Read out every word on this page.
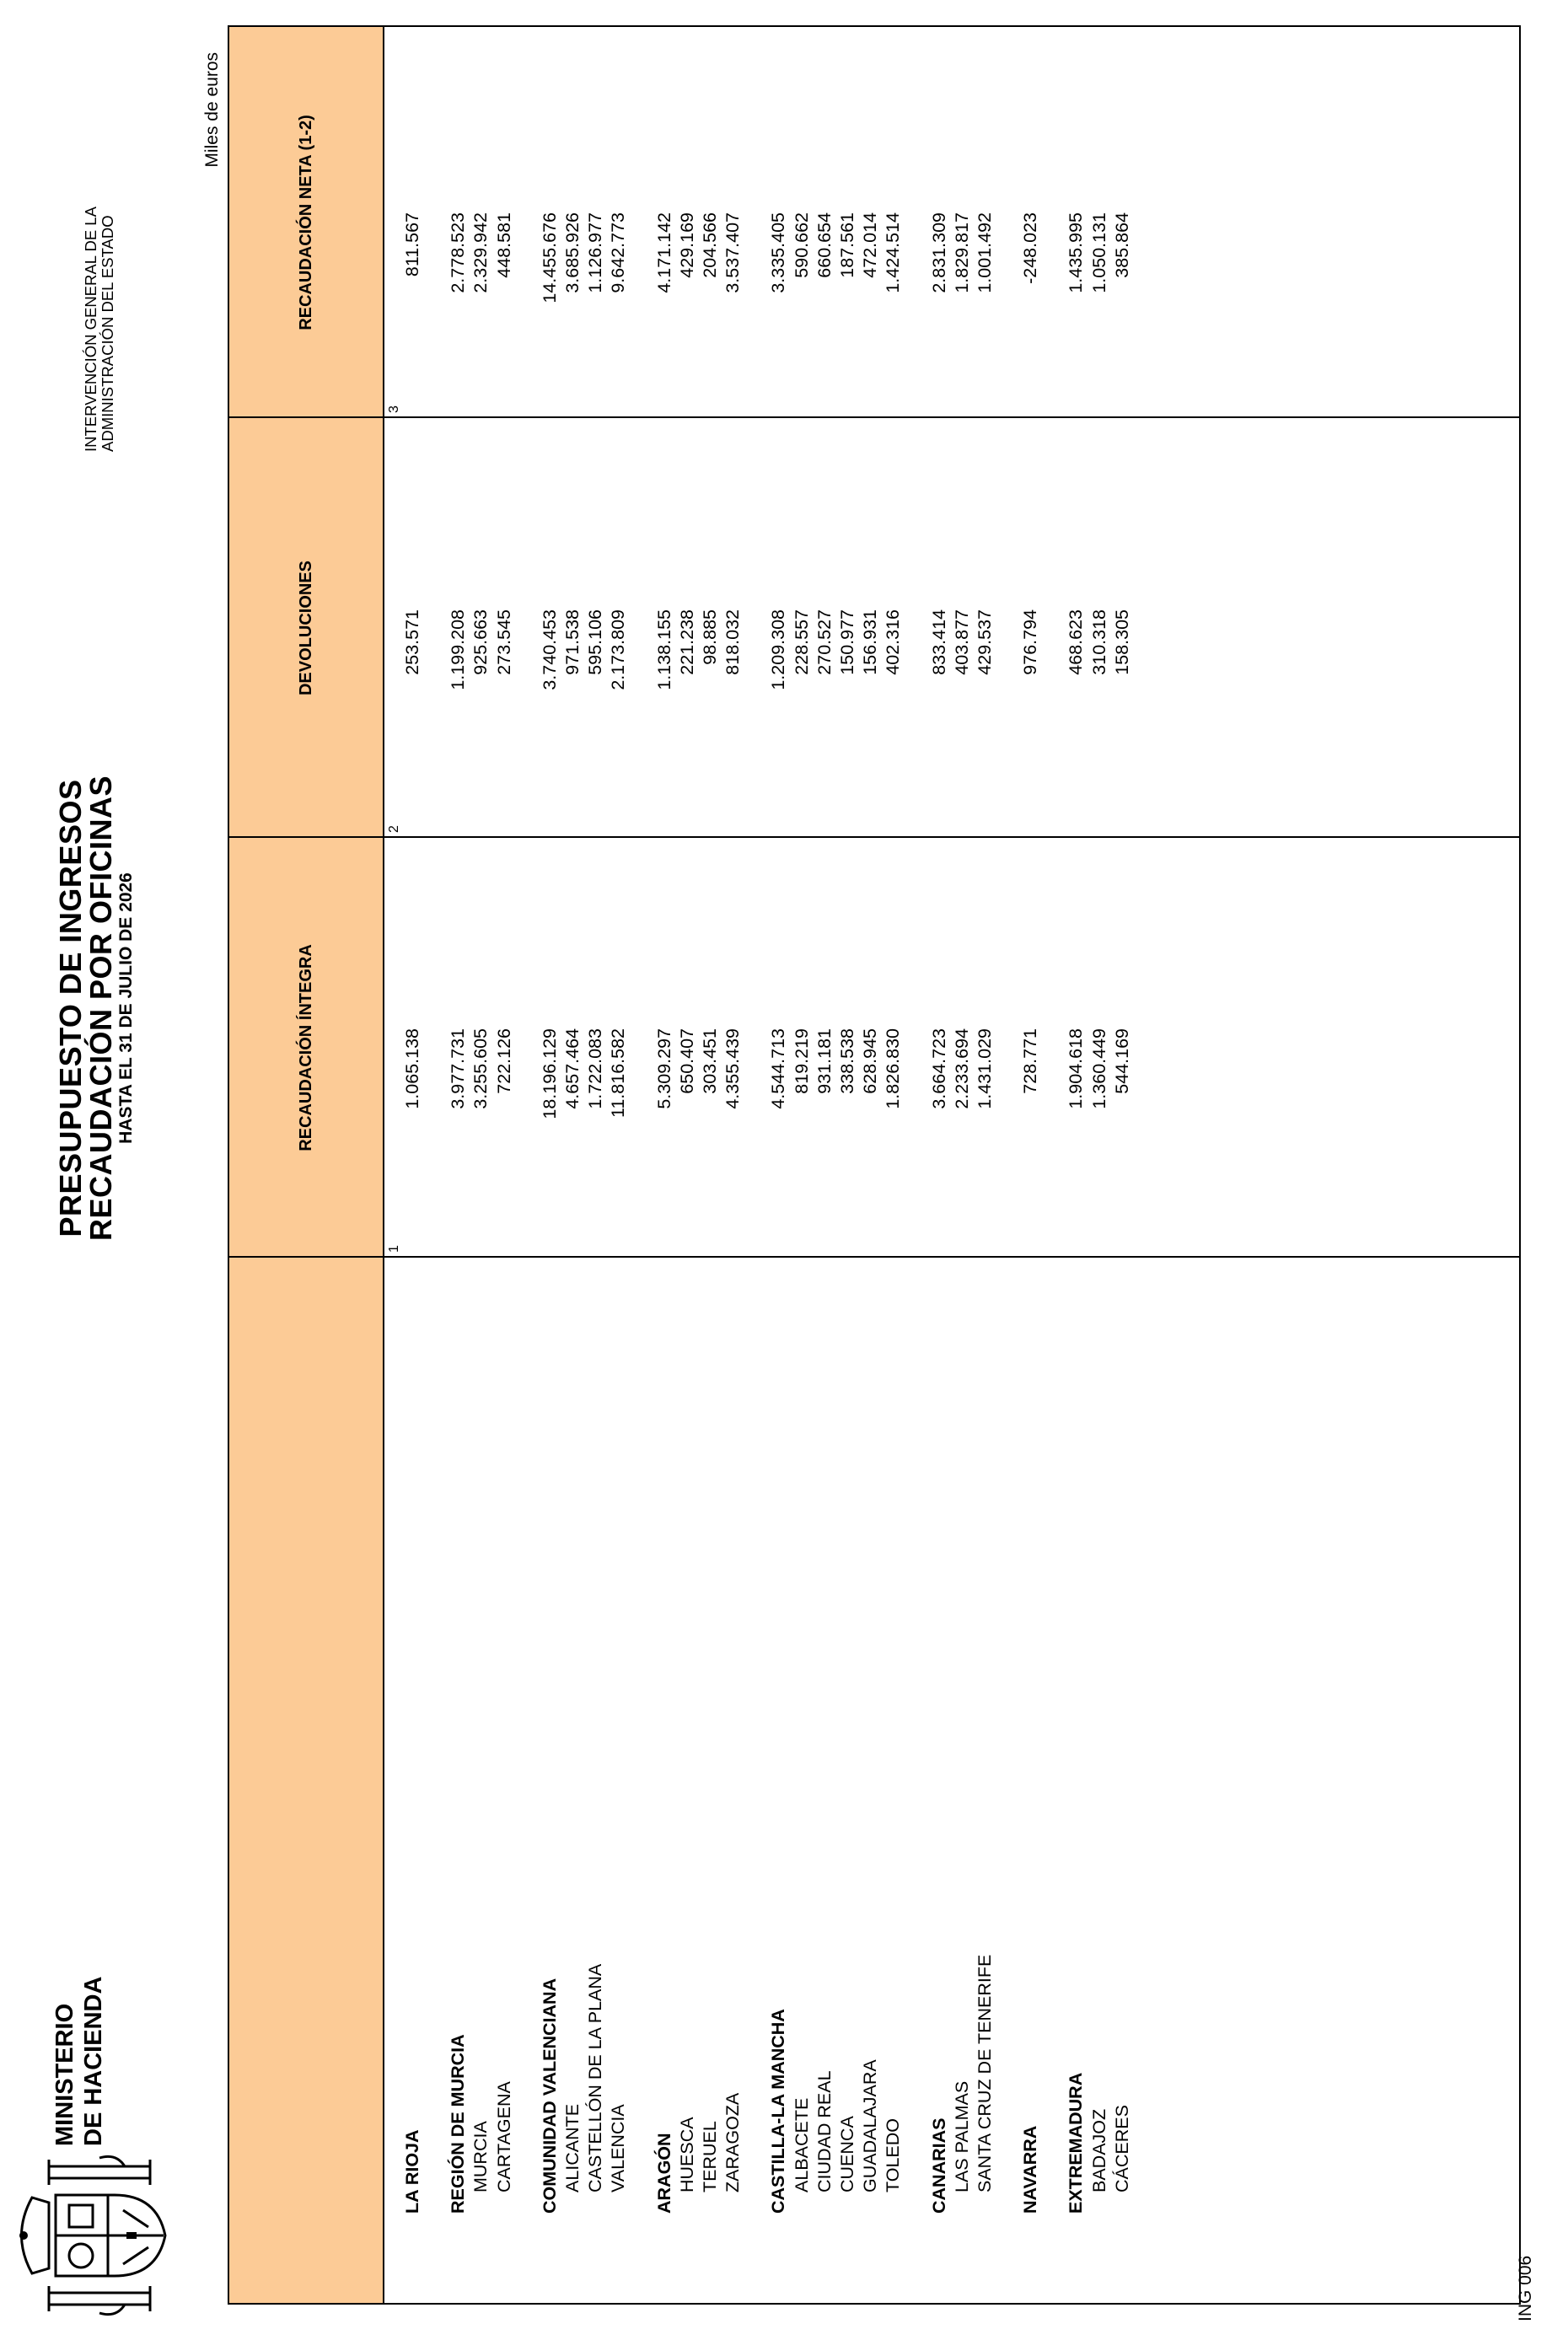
MINISTERIO DE HACIENDA
PRESUPUESTO DE INGRESOS
RECAUDACIÓN POR OFICINAS
HASTA EL 31 DE JULIO DE 2026
INTERVENCIÓN GENERAL DE LA ADMINISTRACIÓN DEL ESTADO
Miles de euros
RECAUDACIÓN ÍNTEGRA
DEVOLUCIONES
RECAUDACIÓN NETA (1-2)
1
2
3
LA RIOJA
1.065.138
253.571
811.567
REGIÓN DE MURCIA
3.977.731
1.199.208
2.778.523
MURCIA
3.255.605
925.663
2.329.942
CARTAGENA
722.126
273.545
448.581
COMUNIDAD VALENCIANA
18.196.129
3.740.453
14.455.676
ALICANTE
4.657.464
971.538
3.685.926
CASTELLÓN DE LA PLANA
1.722.083
595.106
1.126.977
VALENCIA
11.816.582
2.173.809
9.642.773
ARAGÓN
5.309.297
1.138.155
4.171.142
HUESCA
650.407
221.238
429.169
TERUEL
303.451
98.885
204.566
ZARAGOZA
4.355.439
818.032
3.537.407
CASTILLA-LA MANCHA
4.544.713
1.209.308
3.335.405
ALBACETE
819.219
228.557
590.662
CIUDAD REAL
931.181
270.527
660.654
CUENCA
338.538
150.977
187.561
GUADALAJARA
628.945
156.931
472.014
TOLEDO
1.826.830
402.316
1.424.514
CANARIAS
3.664.723
833.414
2.831.309
LAS PALMAS
2.233.694
403.877
1.829.817
SANTA CRUZ DE TENERIFE
1.431.029
429.537
1.001.492
NAVARRA
728.771
976.794
-248.023
EXTREMADURA
1.904.618
468.623
1.435.995
BADAJOZ
1.360.449
310.318
1.050.131
CÁCERES
544.169
158.305
385.864
ING 006
